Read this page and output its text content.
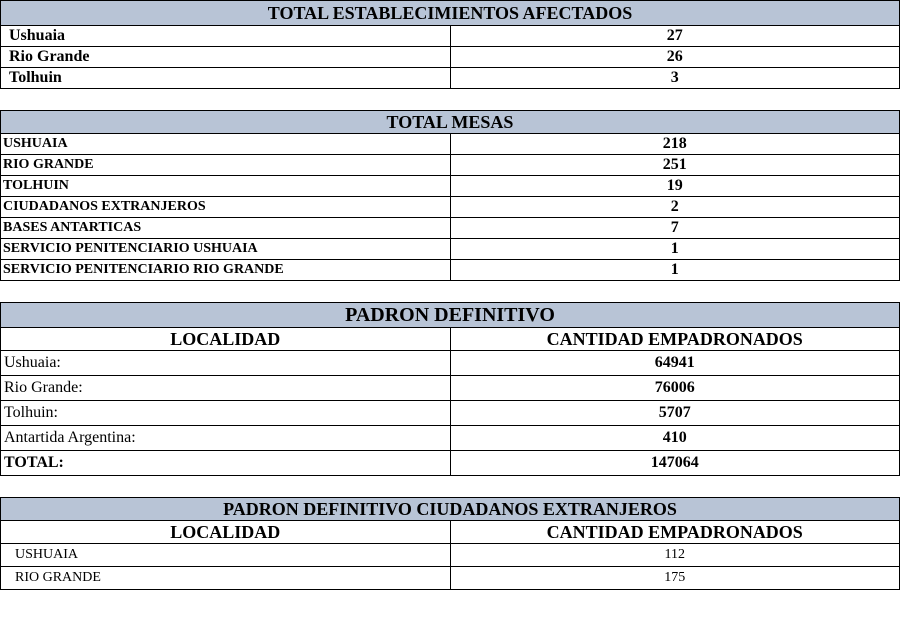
TOTAL ESTABLECIMIENTOS AFECTADOS	
Ushuaia	27
Rio Grande	26
Tolhuin	3
TOTAL MESAS	
USHUAIA	218
RIO GRANDE	251
TOLHUIN	19
CIUDADANOS EXTRANJEROS	2
BASES ANTARTICAS	7
SERVICIO PENITENCIARIO USHUAIA	1
SERVICIO PENITENCIARIO RIO GRANDE	1
PADRON DEFINITIVO	
LOCALIDAD	CANTIDAD EMPADRONADOS
Ushuaia:	64941
Rio Grande:	76006
Tolhuin:	5707
Antartida Argentina:	410
TOTAL:	147064
PADRON DEFINITIVO CIUDADANOS EXTRANJEROS	
LOCALIDAD	CANTIDAD EMPADRONADOS
USHUAIA	112
RIO GRANDE	175
